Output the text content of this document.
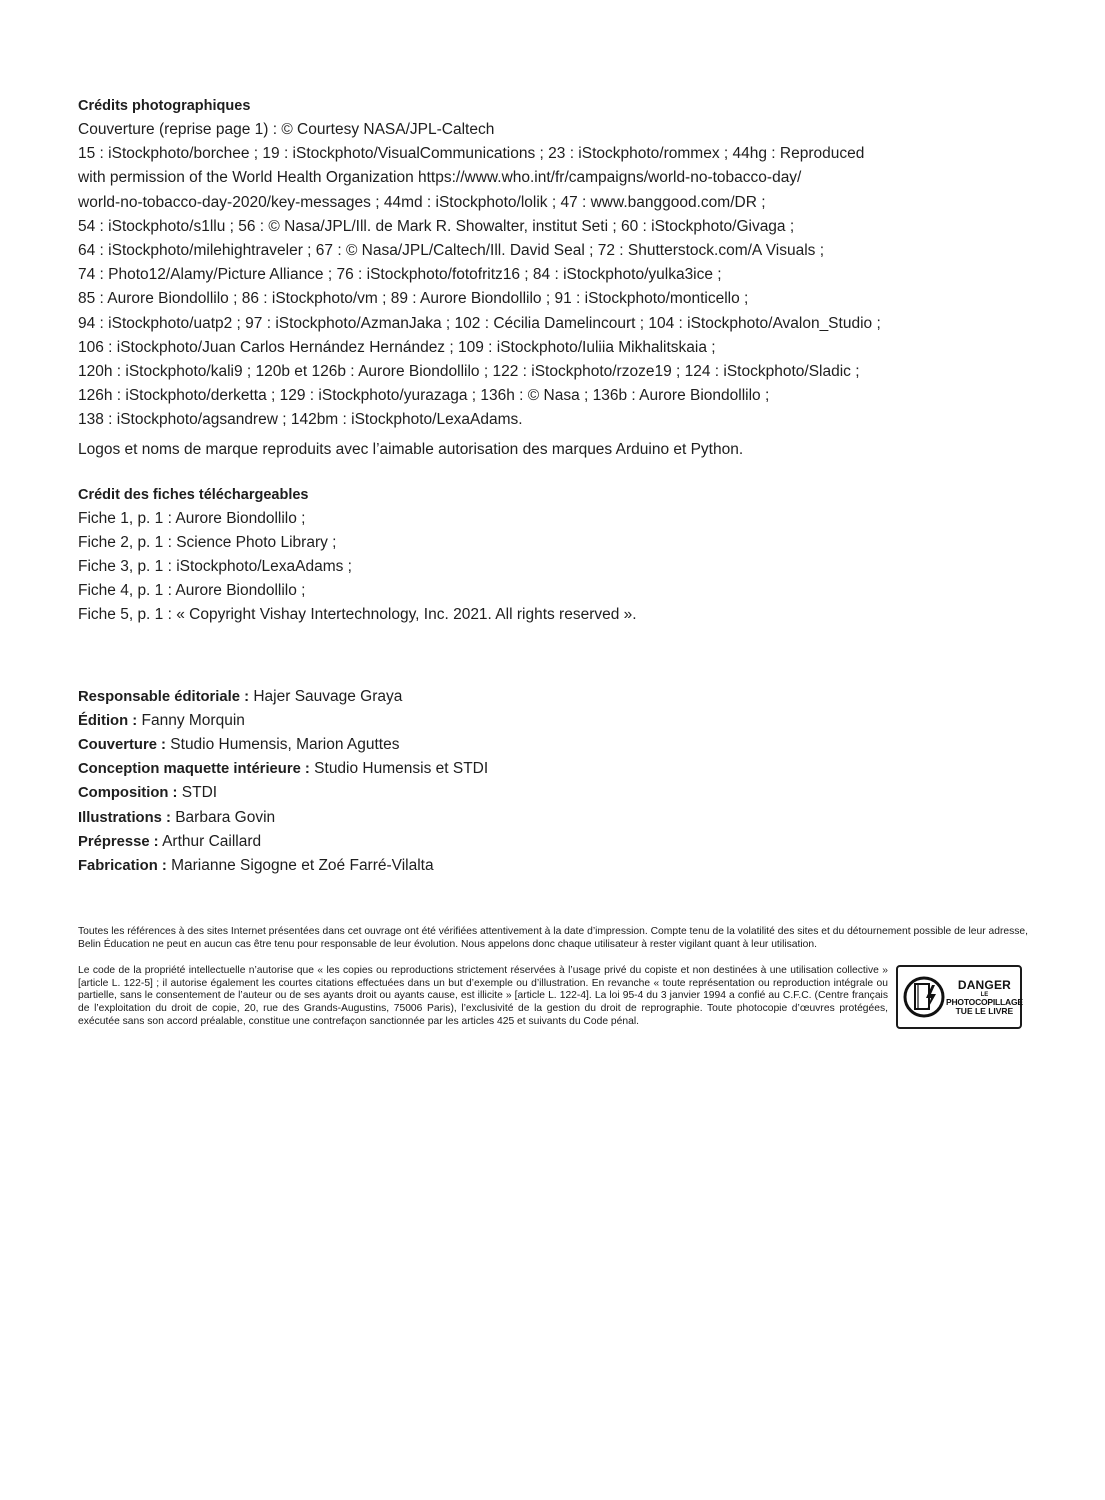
Crédits photographiques

Couverture (reprise page 1) : © Courtesy NASA/JPL-Caltech

15 : iStockphoto/borchee ; 19 : iStockphoto/VisualCommunications ; 23 : iStockphoto/rommex ; 44hg : Reproduced

with permission of the World Health Organization https://www.who.int/fr/campaigns/world-no-tobacco-day/

world-no-tobacco-day-2020/key-messages ; 44md : iStockphoto/lolik ; 47 : www.banggood.com/DR ;

54 : iStockphoto/s1llu ; 56 : © Nasa/JPL/Ill. de Mark R. Showalter, institut Seti ; 60 : iStockphoto/Givaga ;

64 : iStockphoto/milehightraveler ; 67 : © Nasa/JPL/Caltech/Ill. David Seal ; 72 : Shutterstock.com/A Visuals ;

74 : Photo12/Alamy/Picture Alliance ; 76 : iStockphoto/fotofritz16 ; 84 : iStockphoto/yulka3ice ;

85 : Aurore Biondollilo ; 86 : iStockphoto/vm ; 89 : Aurore Biondollilo ; 91 : iStockphoto/monticello ;

94 : iStockphoto/uatp2 ; 97 : iStockphoto/AzmanJaka ; 102 : Cécilia Damelincourt ; 104 : iStockphoto/Avalon_Studio ;

106 : iStockphoto/Juan Carlos Hernández Hernández ; 109 : iStockphoto/Iuliia Mikhalitskaia ;

120h : iStockphoto/kali9 ; 120b et 126b : Aurore Biondollilo ; 122 : iStockphoto/rzoze19 ; 124 : iStockphoto/Sladic ;

126h : iStockphoto/derketta ; 129 : iStockphoto/yurazaga ; 136h : © Nasa ; 136b : Aurore Biondollilo ;

138 : iStockphoto/agsandrew ; 142bm : iStockphoto/LexaAdams.

Logos et noms de marque reproduits avec l’aimable autorisation des marques Arduino et Python.

Crédit des fiches téléchargeables

Fiche 1, p. 1 : Aurore Biondollilo ;

Fiche 2, p. 1 : Science Photo Library ;

Fiche 3, p. 1 : iStockphoto/LexaAdams ;

Fiche 4, p. 1 : Aurore Biondollilo ;

Fiche 5, p. 1 : « Copyright Vishay Intertechnology, Inc. 2021. All rights reserved ».

Responsable éditoriale : Hajer Sauvage Graya

Édition : Fanny Morquin

Couverture : Studio Humensis, Marion Aguttes

Conception maquette intérieure : Studio Humensis et STDI

Composition : STDI

Illustrations : Barbara Govin

Prépresse : Arthur Caillard

Fabrication : Marianne Sigogne et Zoé Farré-Vilalta

Toutes les références à des sites Internet présentées dans cet ouvrage ont été vérifiées attentivement à la date d’impression. Compte tenu de la volatilité des sites et du détournement possible de leur adresse, Belin Éducation ne peut en aucun cas être tenu pour responsable de leur évolution. Nous appelons donc chaque utilisateur à rester vigilant quant à leur utilisation.

Le code de la propriété intellectuelle n’autorise que « les copies ou reproductions strictement réservées à l’usage privé du copiste et non destinées à une utilisation collective » [article L. 122-5] ; il autorise également les courtes citations effectuées dans un but d’exemple ou d’illustration. En revanche « toute représentation ou reproduction intégrale ou partielle, sans le consentement de l’auteur ou de ses ayants droit ou ayants cause, est illicite » [article L. 122-4]. La loi 95-4 du 3 janvier 1994 a confié au C.F.C. (Centre français de l’exploitation du droit de copie, 20, rue des Grands-Augustins, 75006 Paris), l’exclusivité de la gestion du droit de reprographie. Toute photocopie d’œuvres protégées, exécutée sans son accord préalable, constitue une contrefaçon sanctionnée par les articles 425 et suivants du Code pénal.

DANGER
LE
PHOTOCOPILLAGE
TUE LE LIVRE
